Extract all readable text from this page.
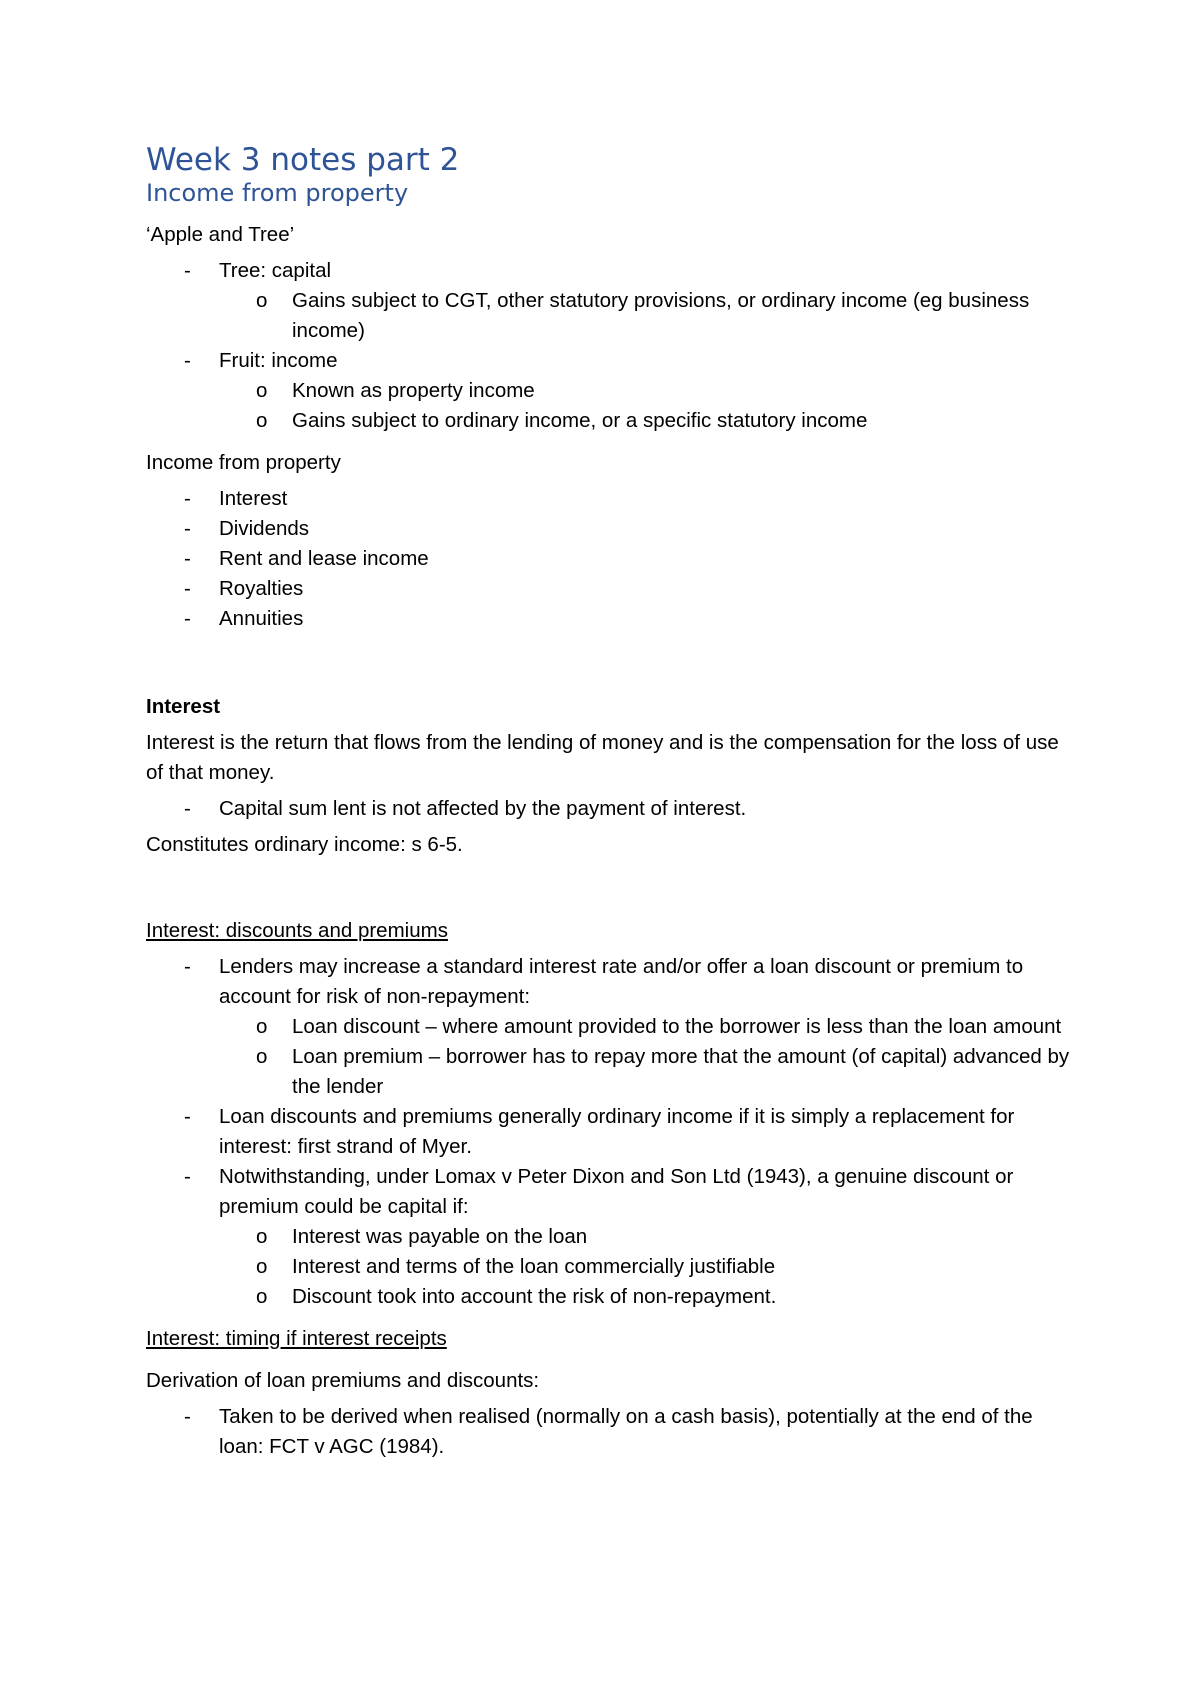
Week 3 notes part 2
Income from property

‘Apple and Tree’

- Tree: capital
o Gains subject to CGT, other statutory provisions, or ordinary income (eg business income)
- Fruit: income
o Known as property income
o Gains subject to ordinary income, or a specific statutory income

Income from property

- Interest
- Dividends
- Rent and lease income
- Royalties
- Annuities

Interest

Interest is the return that flows from the lending of money and is the compensation for the loss of use of that money.

- Capital sum lent is not affected by the payment of interest.

Constitutes ordinary income: s 6-5.

Interest: discounts and premiums

- Lenders may increase a standard interest rate and/or offer a loan discount or premium to account for risk of non-repayment:
o Loan discount – where amount provided to the borrower is less than the loan amount
o Loan premium – borrower has to repay more that the amount (of capital) advanced by the lender
- Loan discounts and premiums generally ordinary income if it is simply a replacement for interest: first strand of Myer.
- Notwithstanding, under Lomax v Peter Dixon and Son Ltd (1943), a genuine discount or premium could be capital if:
o Interest was payable on the loan
o Interest and terms of the loan commercially justifiable
o Discount took into account the risk of non-repayment.

Interest: timing if interest receipts

Derivation of loan premiums and discounts:

- Taken to be derived when realised (normally on a cash basis), potentially at the end of the loan: FCT v AGC (1984).
